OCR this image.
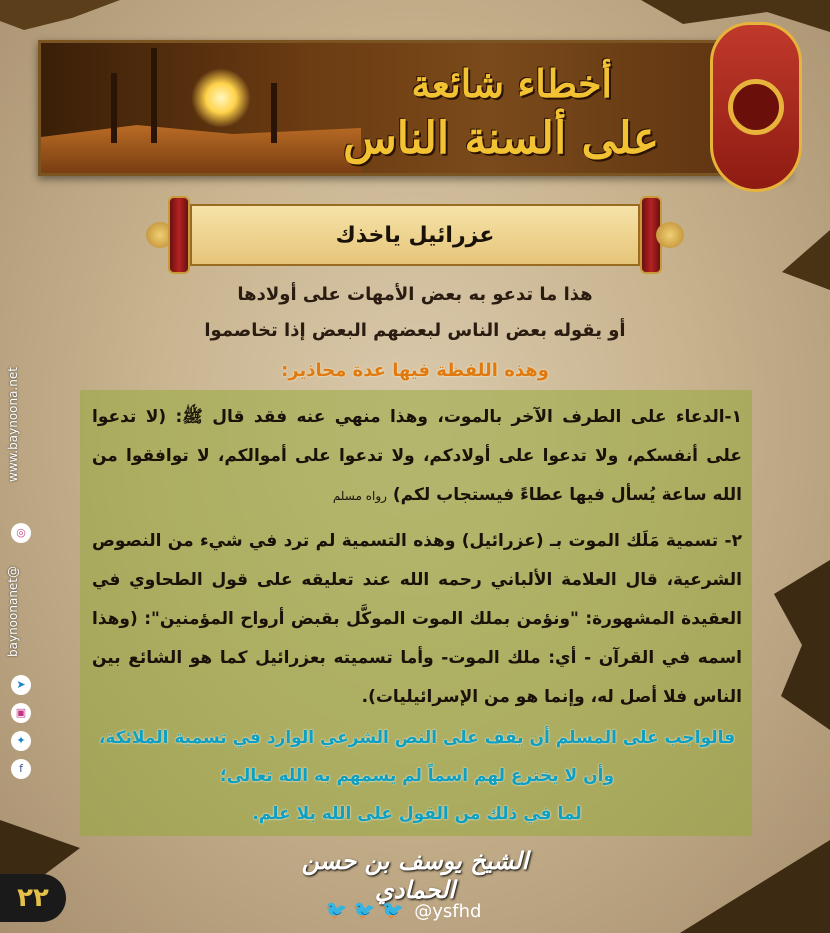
أخطاء شائعة
على ألسنة الناس
عزرائيل ياخذك
هذا ما تدعو به بعض الأمهات على أولادها
أو يقوله بعض الناس لبعضهم البعض إذا تخاصموا
وهذه اللفظة فيها عدة محاذير:
١-الدعاء على الطرف الآخر بالموت، وهذا منهي عنه فقد قال ﷺ: (لا تدعوا على أنفسكم، ولا تدعوا على أولادكم، ولا تدعوا على أموالكم، لا توافقوا من الله ساعة يُسأل فيها عطاءً فيستجاب لكم) رواه مسلم
٢- تسمية مَلَك الموت بـ (عزرائيل) وهذه التسمية لم ترد في شيء من النصوص الشرعية، قال العلامة الألباني رحمه الله عند تعليقه على قول الطحاوي في العقيدة المشهورة: "ونؤمن بملك الموت الموكَّل بقبض أرواح المؤمنين": (وهذا اسمه في القرآن - أي: ملك الموت- وأما تسميته بعزرائيل كما هو الشائع بين الناس فلا أصل له، وإنما هو من الإسرائيليات).
فالواجب على المسلم أن يقف على النص الشرعي الوارد في تسمية الملائكة،
وأن لا يخترع لهم اسماً لم يسمهم به الله تعالى؛
لما في ذلك من القول على الله بلا علم.
الشيخ يوسف بن حسن الحمادي
🐦 🐦 🐦 @ysfhd
٢٢
www.baynoona.net
◎
@baynoonanet
➤
▣
✦
f
